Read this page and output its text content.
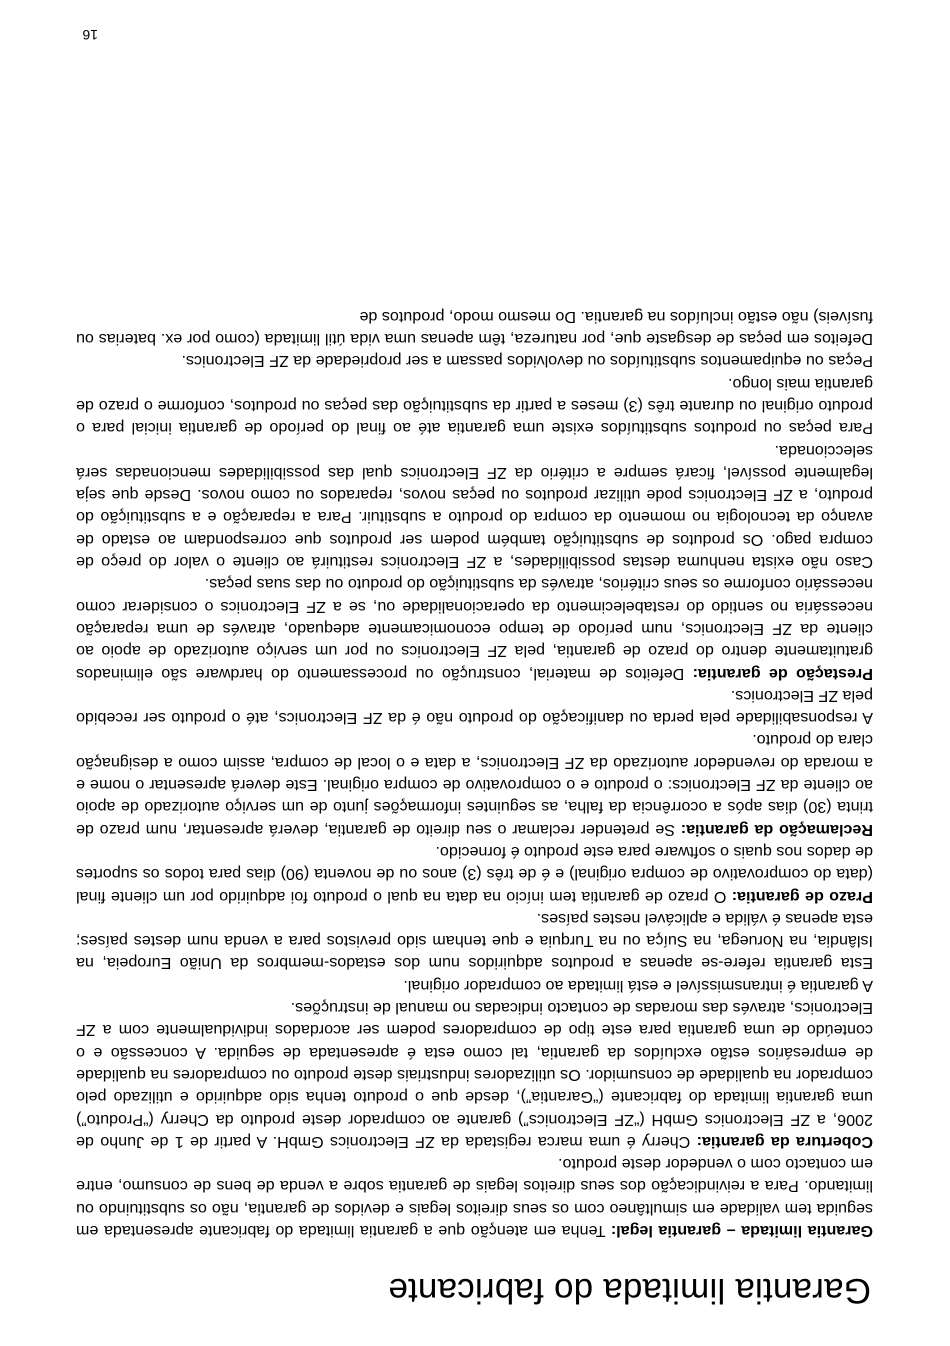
Garantia limitada do fabricante

Garantia limitada – garantia legal: Tenha em atenção que a garantia limitada do fabricante apresentada em seguida tem validade em simultâneo com os seus direitos legais e devidos de garantia, não os substituindo ou limitando. Para a reivindicação dos seus direitos legais de garantia sobre a venda de bens de consumo, entre em contacto com o vendedor deste produto.

Cobertura da garantia: Cherry é uma marca registada da ZF Electronics GmbH. A partir de 1 de Junho de 2006, a ZF Electronics GmbH (“ZF Electronics”) garante ao comprador deste produto da Cherry (“Produto”) uma garantia limitada do fabricante (“Garantia”), desde que o produto tenha sido adquirido e utilizado pelo comprador na qualidade de consumidor. Os utilizadores industriais deste produto ou compradores na qualidade de empresários estão excluídos da garantia, tal como esta é apresentada de seguida. A concessão e o conteúdo de uma garantia para este tipo de compradores podem ser acordados individualmente com a ZF Electronics, através das moradas de contacto indicadas no manual de instruções.

A garantia é intransmissível e está limitada ao comprador original.

Esta garantia refere-se apenas a produtos adquiridos num dos estados-membros da União Europeia, na Islândia, na Noruega, na Suíça ou na Turquia e que tenham sido previstos para a venda num destes países; esta apenas é válida e aplicável nestes países.

Prazo de garantia: O prazo de garantia tem início na data na qual o produto foi adquirido por um cliente final (data do comprovativo de compra original) e é de três (3) anos ou de noventa (90) dias para todos os suportes de dados nos quais o software para este produto é fornecido.

Reclamação da garantia: Se pretender reclamar o seu direito de garantia, deverá apresentar, num prazo de trinta (30) dias após a ocorrência da falha, as seguintes informações junto de um serviço autorizado de apoio ao cliente da ZF Electronics: o produto e o comprovativo de compra original. Este deverá apresentar o nome e a morada do revendedor autorizado da ZF Electronics, a data e o local de compra, assim como a designação clara do produto.

A responsabilidade pela perda ou danificação do produto não é da ZF Electronics, até o produto ser recebido pela ZF Electronics.

Prestação de garantia: Defeitos de material, construção ou processamento do hardware são eliminados gratuitamente dentro do prazo de garantia, pela ZF Electronics ou por um serviço autorizado de apoio ao cliente da ZF Electronics, num período de tempo economicamente adequado, através de uma reparação necessária no sentido do restabelecimento da operacionalidade ou, se a ZF Electronics o considerar como necessário conforme os seus critérios, através da substituição do produto ou das suas peças.

Caso não exista nenhuma destas possibilidades, a ZF Electronics restituirá ao cliente o valor do preço de compra pago. Os produtos de substituição também podem ser produtos que correspondam ao estado de avanço da tecnologia no momento da compra do produto a substituir. Para a reparação e a substituição do produto, a ZF Electronics pode utilizar produtos ou peças novos, reparados ou como novos. Desde que seja legalmente possível, ficará sempre a critério da ZF Electronics qual das possibilidades mencionadas será seleccionada.

Para peças ou produtos substituídos existe uma garantia até ao final do período de garantia inicial para o produto original ou durante três (3) meses a partir da substituição das peças ou produtos, conforme o prazo de garantia mais longo.

Peças ou equipamentos substituídos ou devolvidos passam a ser propriedade da ZF Electronics.

Defeitos em peças de desgaste que, por natureza, têm apenas uma vida útil limitada (como por ex. baterias ou fusíveis) não estão incluídos na garantia. Do mesmo modo, produtos de

16
